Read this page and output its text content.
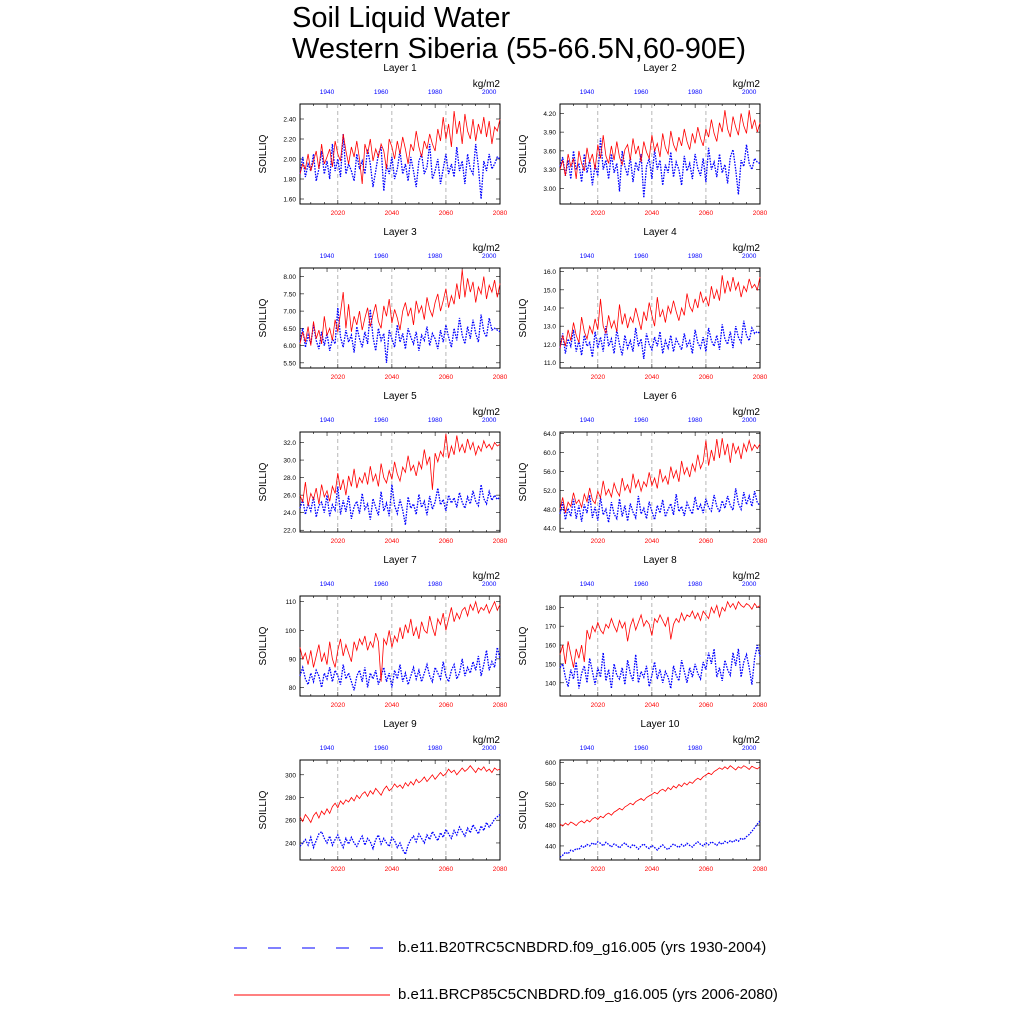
Soil Liquid Water
Western Siberia (55-66.5N,60-90E)
1.60
1.80
2.00
2.20
2.40
2020	2040	2060	2080
1940	1960	1980	2000
Layer 1
kg/m2
SOILLIQ
3.00
3.30
3.60
3.90
4.20
2020	2040	2060	2080
1940	1960	1980	2000
Layer 2
kg/m2
SOILLIQ
5.50
6.00
6.50
7.00
7.50
8.00
2020	2040	2060	2080
1940	1960	1980	2000
Layer 3
kg/m2
SOILLIQ
11.0
12.0
13.0
14.0
15.0
16.0
2020	2040	2060	2080
1940	1960	1980	2000
Layer 4
kg/m2
SOILLIQ
22.0
24.0
26.0
28.0
30.0
32.0
2020	2040	2060	2080
1940	1960	1980	2000
Layer 5
kg/m2
SOILLIQ
44.0
48.0
52.0
56.0
60.0
64.0
2020	2040	2060	2080
1940	1960	1980	2000
Layer 6
kg/m2
SOILLIQ
80
90
100
110
2020	2040	2060	2080
1940	1960	1980	2000
Layer 7
kg/m2
SOILLIQ
140
150
160
170
180
2020	2040	2060	2080
1940	1960	1980	2000
Layer 8
kg/m2
SOILLIQ
240
260
280
300
2020	2040	2060	2080
1940	1960	1980	2000
Layer 9
kg/m2
SOILLIQ
440
480
520
560
600
2020	2040	2060	2080
1940	1960	1980	2000
Layer 10
kg/m2
SOILLIQ
b.e11.B20TRC5CNBDRD.f09_g16.005 (yrs 1930-2004)
b.e11.BRCP85C5CNBDRD.f09_g16.005 (yrs 2006-2080)
